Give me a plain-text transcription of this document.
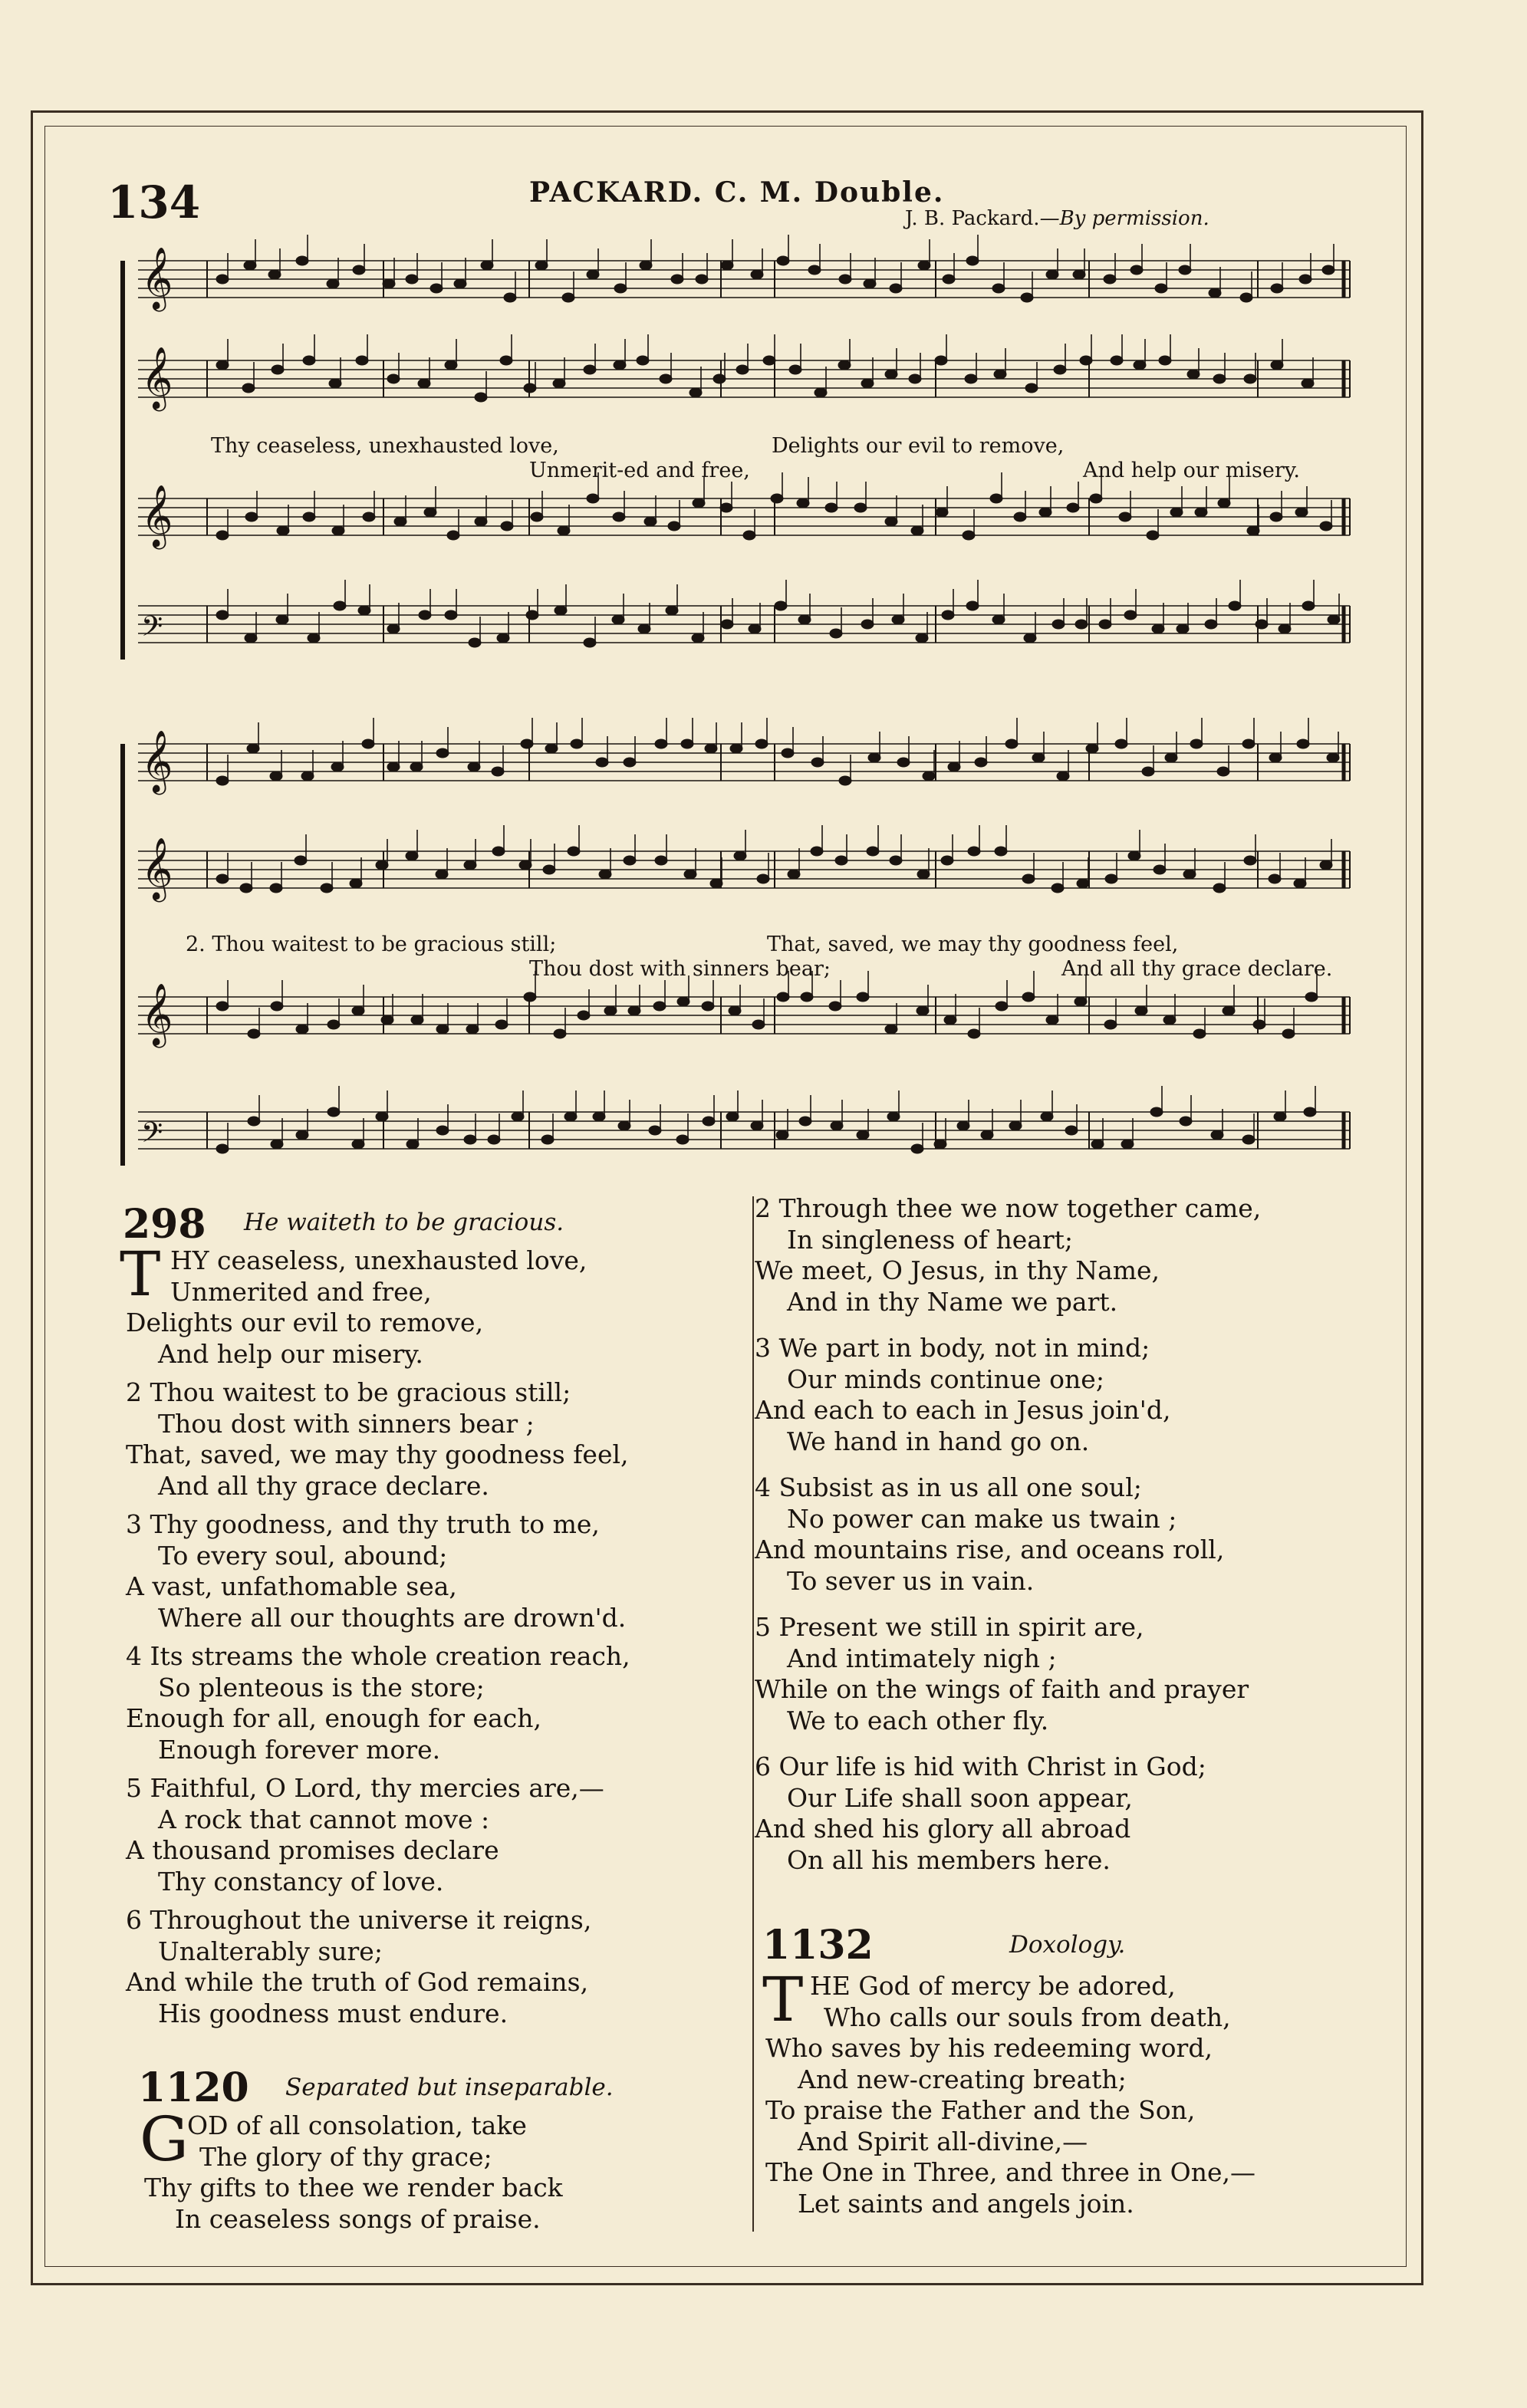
134	PACKARD. C. M. Double.
J. B. Packard.—By permission.
𝄞
𝄞
𝄞
𝄢
𝄞
𝄞
𝄞
𝄢
Thy ceaseless, unexhausted love,
Unmerit-ed and free,
Delights our evil to remove,
And help our misery.
2. Thou waitest to be gracious still;
Thou dost with sinners bear;
That, saved, we may thy goodness feel,
And all thy grace declare.
298 He waiteth to be gracious.
T HY ceaseless, unexhausted love,
Unmerited and free,
Delights our evil to remove,
And help our misery.
2 Thou waitest to be gracious still;
Thou dost with sinners bear ;
That, saved, we may thy goodness feel,
And all thy grace declare.
3 Thy goodness, and thy truth to me,
To every soul, abound;
A vast, unfathomable sea,
Where all our thoughts are drown'd.
4 Its streams the whole creation reach,
So plenteous is the store;
Enough for all, enough for each,
Enough forever more.
5 Faithful, O Lord, thy mercies are,—
A rock that cannot move :
A thousand promises declare
Thy constancy of love.
6 Throughout the universe it reigns,
Unalterably sure;
And while the truth of God remains,
His goodness must endure.
1120 Separated but inseparable.
G
OD of all consolation, take
The glory of thy grace;
Thy gifts to thee we render back
In ceaseless songs of praise.
2 Through thee we now together came,
In singleness of heart;
We meet, O Jesus, in thy Name,
And in thy Name we part.
3 We part in body, not in mind;
Our minds continue one;
And each to each in Jesus join'd,
We hand in hand go on.
4 Subsist as in us all one soul;
No power can make us twain ;
And mountains rise, and oceans roll,
To sever us in vain.
5 Present we still in spirit are,
And intimately nigh ;
While on the wings of faith and prayer
We to each other fly.
6 Our life is hid with Christ in God;
Our Life shall soon appear,
And shed his glory all abroad
On all his members here.
1132	Doxology.
T HE God of mercy be adored,
Who calls our souls from death,
Who saves by his redeeming word,
And new-creating breath;
To praise the Father and the Son,
And Spirit all-divine,—
The One in Three, and three in One,—
Let saints and angels join.
